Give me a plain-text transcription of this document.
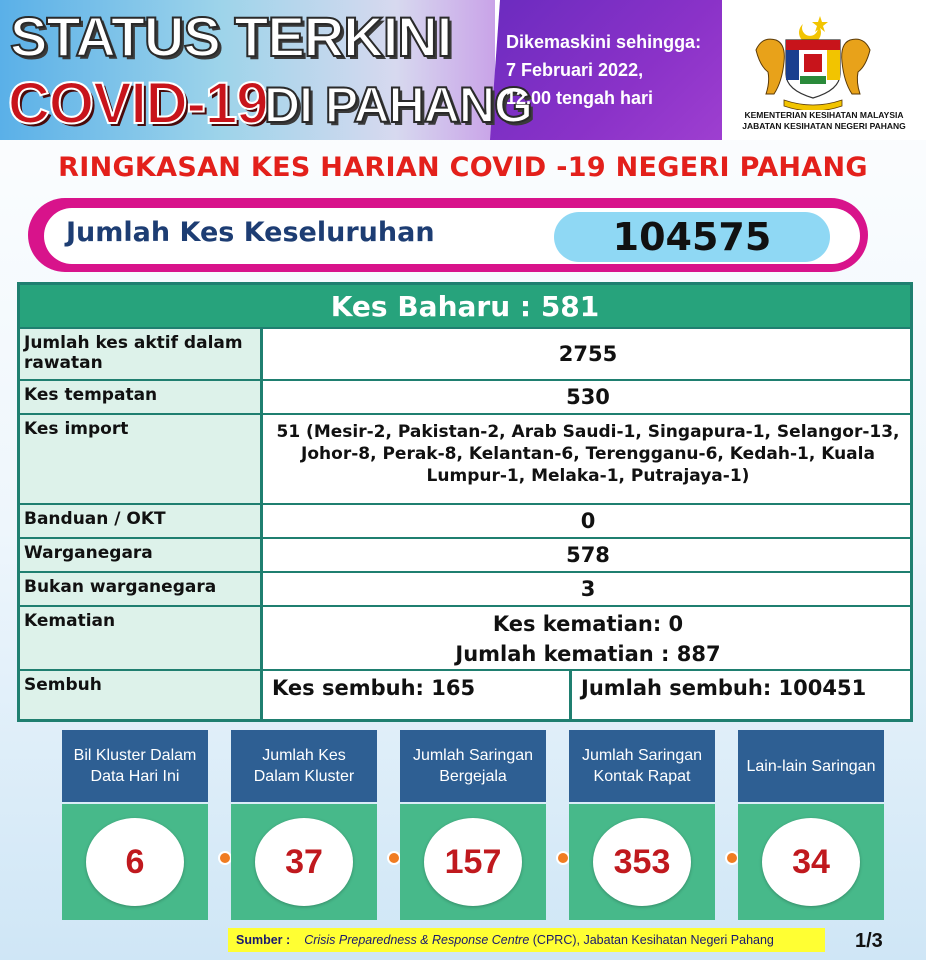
STATUS TERKINI
COVID-19
DI PAHANG
Dikemaskini sehingga:
7 Februari 2022,
12.00 tengah hari
KEMENTERIAN KESIHATAN MALAYSIA
JABATAN KESIHATAN NEGERI PAHANG
RINGKASAN KES HARIAN COVID -19 NEGERI PAHANG
Jumlah Kes Keseluruhan	104575
Kes Baharu : 581
Jumlah kes aktif dalam rawatan	2755
Kes tempatan	530
Kes import	51 (Mesir-2, Pakistan-2, Arab Saudi-1, Singapura-1, Selangor-13, Johor-8, Perak-8, Kelantan-6, Terengganu-6, Kedah-1, Kuala Lumpur-1, Melaka-1, Putrajaya-1)
Banduan / OKT	0
Warganegara	578
Bukan warganegara	3
Kematian	Kes kematian: 0
Jumlah kematian : 887
Sembuh	Kes sembuh: 165	Jumlah sembuh: 100451
Bil Kluster Dalam Data Hari Ini
6
Jumlah Kes Dalam Kluster
37
Jumlah Saringan Bergejala
157
Jumlah Saringan Kontak Rapat
353
Lain-lain Saringan
34
Sumber : Crisis Preparedness & Response Centre (CPRC), Jabatan Kesihatan Negeri Pahang	1/3
